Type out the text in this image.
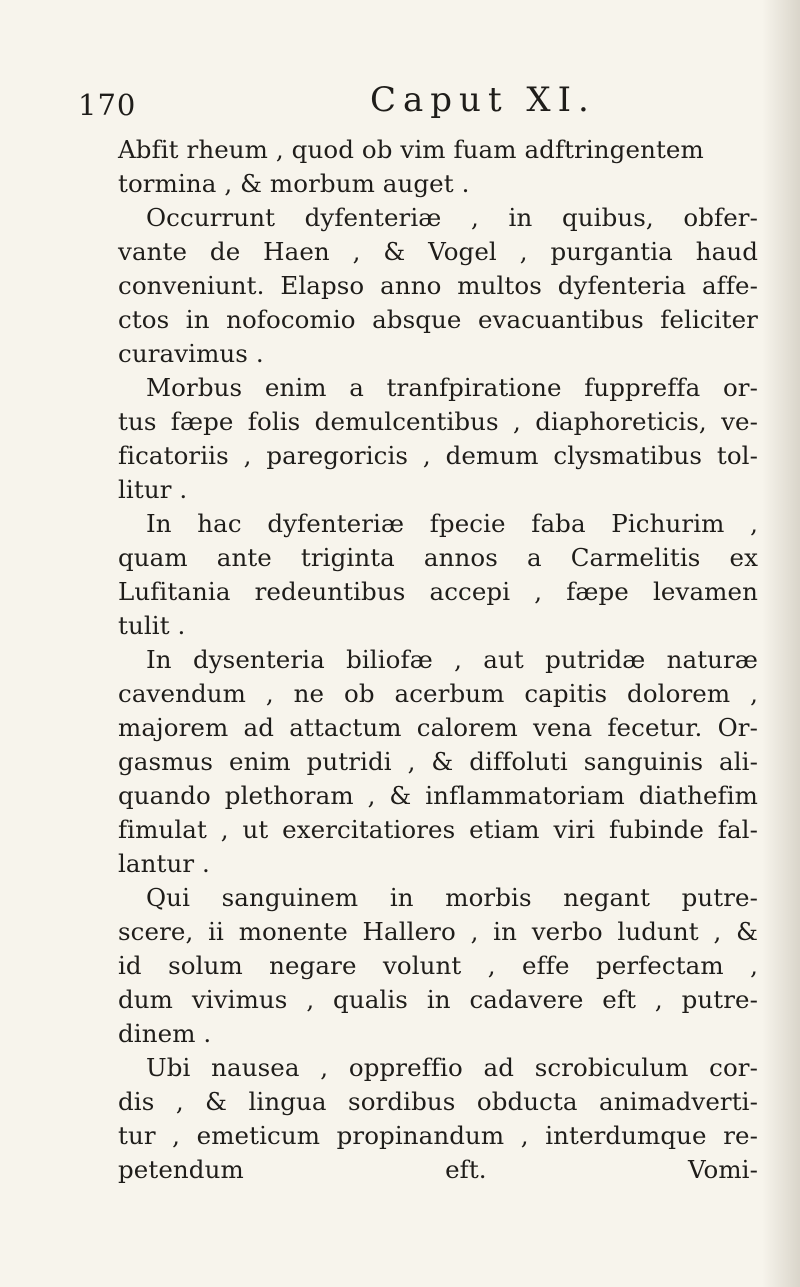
170	Caput XI.
Abfit rheum , quod ob vim fuam adftringentem
tormina , & morbum auget .
Occurrunt dyfenteriæ , in quibus, obfer-
vante de Haen , & Vogel , purgantia haud
conveniunt. Elapso anno multos dyfenteria affe-
ctos in nofocomio absque evacuantibus feliciter
curavimus .
Morbus enim a tranfpiratione fuppreffa or-
tus fæpe folis demulcentibus , diaphoreticis, ve-
ficatoriis , paregoricis , demum clysmatibus tol-
litur .
In hac dyfenteriæ fpecie faba Pichurim ,
quam ante triginta annos a Carmelitis ex
Lufitania redeuntibus accepi , fæpe levamen
tulit .
In dysenteria biliofæ , aut putridæ naturæ
cavendum , ne ob acerbum capitis dolorem ,
majorem ad attactum calorem vena fecetur. Or-
gasmus enim putridi , & diffoluti sanguinis ali-
quando plethoram , & inflammatoriam diathefim
fimulat , ut exercitatiores etiam viri fubinde fal-
lantur .
Qui sanguinem in morbis negant putre-
scere, ii monente Hallero , in verbo ludunt , &
id solum negare volunt , effe perfectam ,
dum vivimus , qualis in cadavere eft , putre-
dinem .
Ubi nausea , oppreffio ad scrobiculum cor-
dis , & lingua sordibus obducta animadverti-
tur , emeticum propinandum , interdumque re-
petendum eft. Vomi-
